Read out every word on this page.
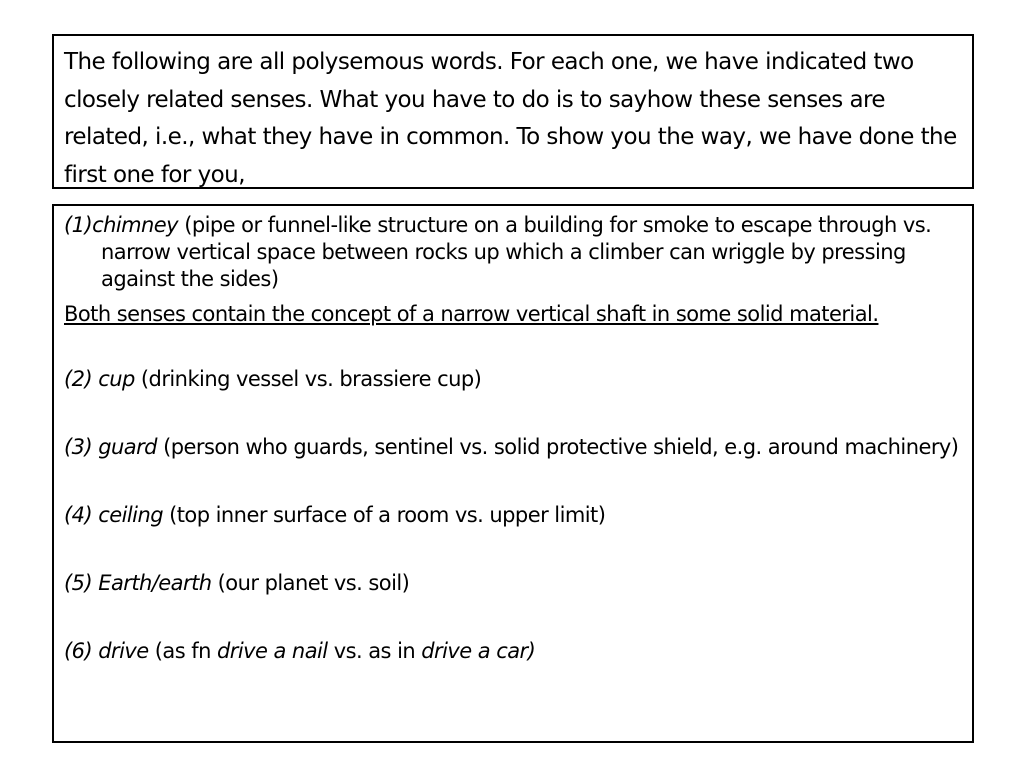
The following are all polysemous words. For each one, we have indicated two closely related senses. What you have to do is to sayhow these senses are related, i.e., what they have in common. To show you the way, we have done the first one for you,

(1)chimney (pipe or funnel-like structure on a building for smoke to escape through vs. narrow vertical space between rocks up which a climber can wriggle by pressing against the sides)

Both senses contain the concept of a narrow vertical shaft in some solid material.

(2) cup (drinking vessel vs. brassiere cup)

(3) guard (person who guards, sentinel vs. solid protective shield, e.g. around machinery)

(4) ceiling (top inner surface of a room vs. upper limit)

(5) Earth/earth (our planet vs. soil)

(6) drive (as fn drive a nail vs. as in drive a car)
